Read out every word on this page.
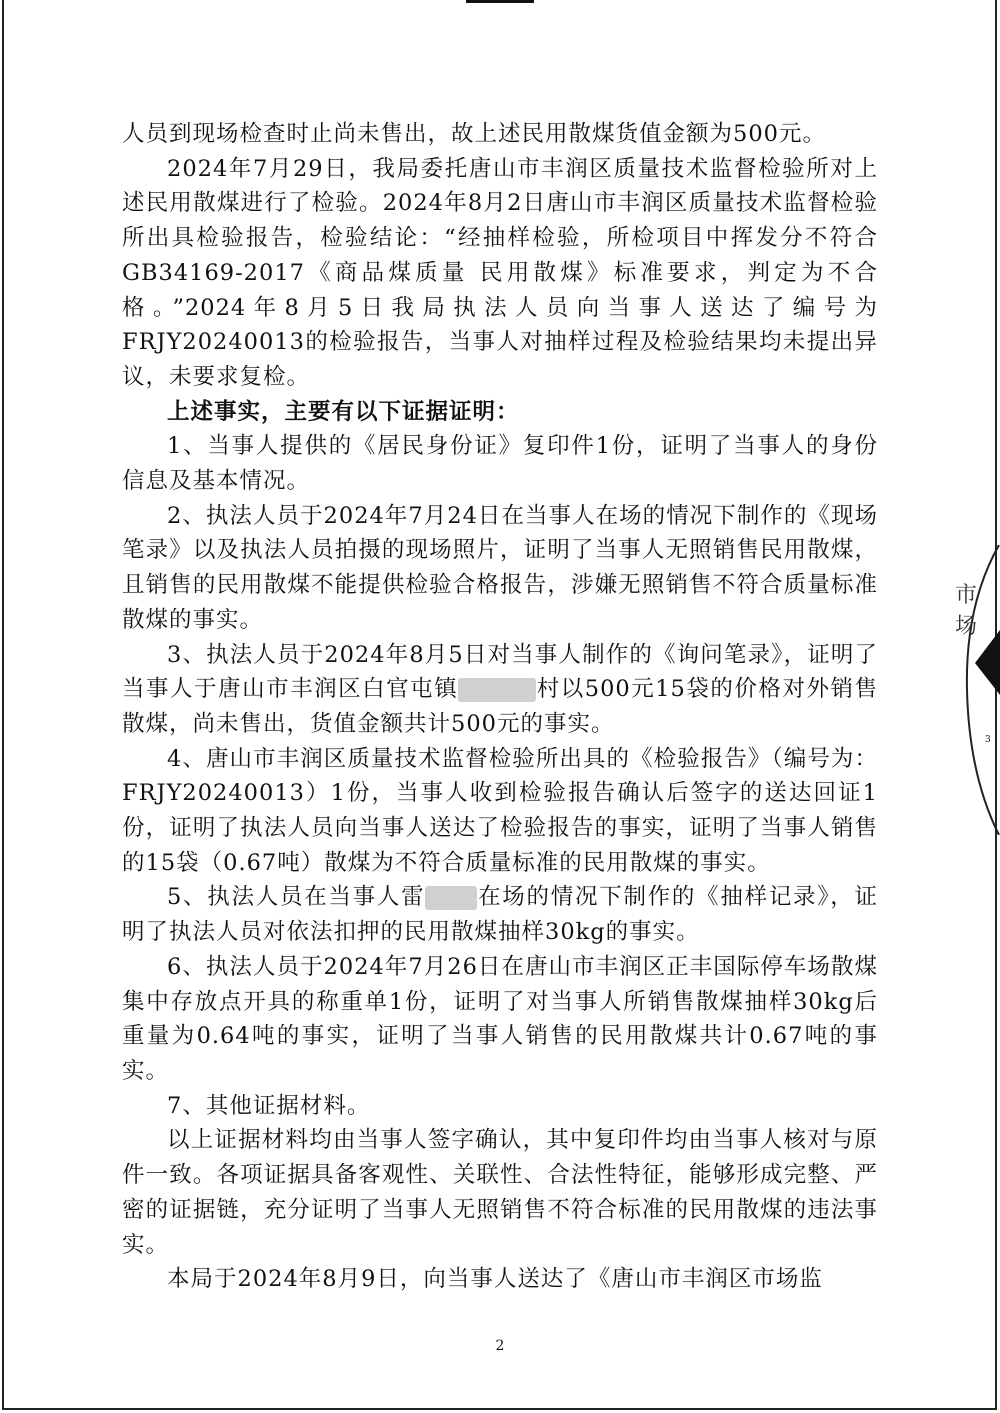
人员到现场检查时止尚未售出，故上述民用散煤货值金额为500元。

2024年7月29日，我局委托唐山市丰润区质量技术监督检验所对上述民用散煤进行了检验。2024年8月2日唐山市丰润区质量技术监督检验所出具检验报告，检验结论：“经抽样检验，所检项目中挥发分不符合GB34169-2017《商品煤质量 民用散煤》标准要求，判定为不合格。”2024年8月5日我局执法人员向当事人送达了编号为FRJY20240013的检验报告，当事人对抽样过程及检验结果均未提出异议，未要求复检。

上述事实，主要有以下证据证明：

1、当事人提供的《居民身份证》复印件1份，证明了当事人的身份信息及基本情况。

2、执法人员于2024年7月24日在当事人在场的情况下制作的《现场笔录》以及执法人员拍摄的现场照片，证明了当事人无照销售民用散煤，且销售的民用散煤不能提供检验合格报告，涉嫌无照销售不符合质量标准散煤的事实。

3、执法人员于2024年8月5日对当事人制作的《询问笔录》，证明了当事人于唐山市丰润区白官屯镇	村以500元15袋的价格对外销售散煤，尚未售出，货值金额共计500元的事实。

4、唐山市丰润区质量技术监督检验所出具的《检验报告》（编号为：FRJY20240013）1份，当事人收到检验报告确认后签字的送达回证1份，证明了执法人员向当事人送达了检验报告的事实，证明了当事人销售的15袋（0.67吨）散煤为不符合质量标准的民用散煤的事实。

5、执法人员在当事人雷 在场的情况下制作的《抽样记录》，证明了执法人员对依法扣押的民用散煤抽样30kg的事实。

6、执法人员于2024年7月26日在唐山市丰润区正丰国际停车场散煤集中存放点开具的称重单1份，证明了对当事人所销售散煤抽样30kg后重量为0.64吨的事实，证明了当事人销售的民用散煤共计0.67吨的事实。

7、其他证据材料。

以上证据材料均由当事人签字确认，其中复印件均由当事人核对与原件一致。各项证据具备客观性、关联性、合法性特征，能够形成完整、严密的证据链，充分证明了当事人无照销售不符合标准的民用散煤的违法事实。

本局于2024年8月9日，向当事人送达了《唐山市丰润区市场监

市场
3
2
